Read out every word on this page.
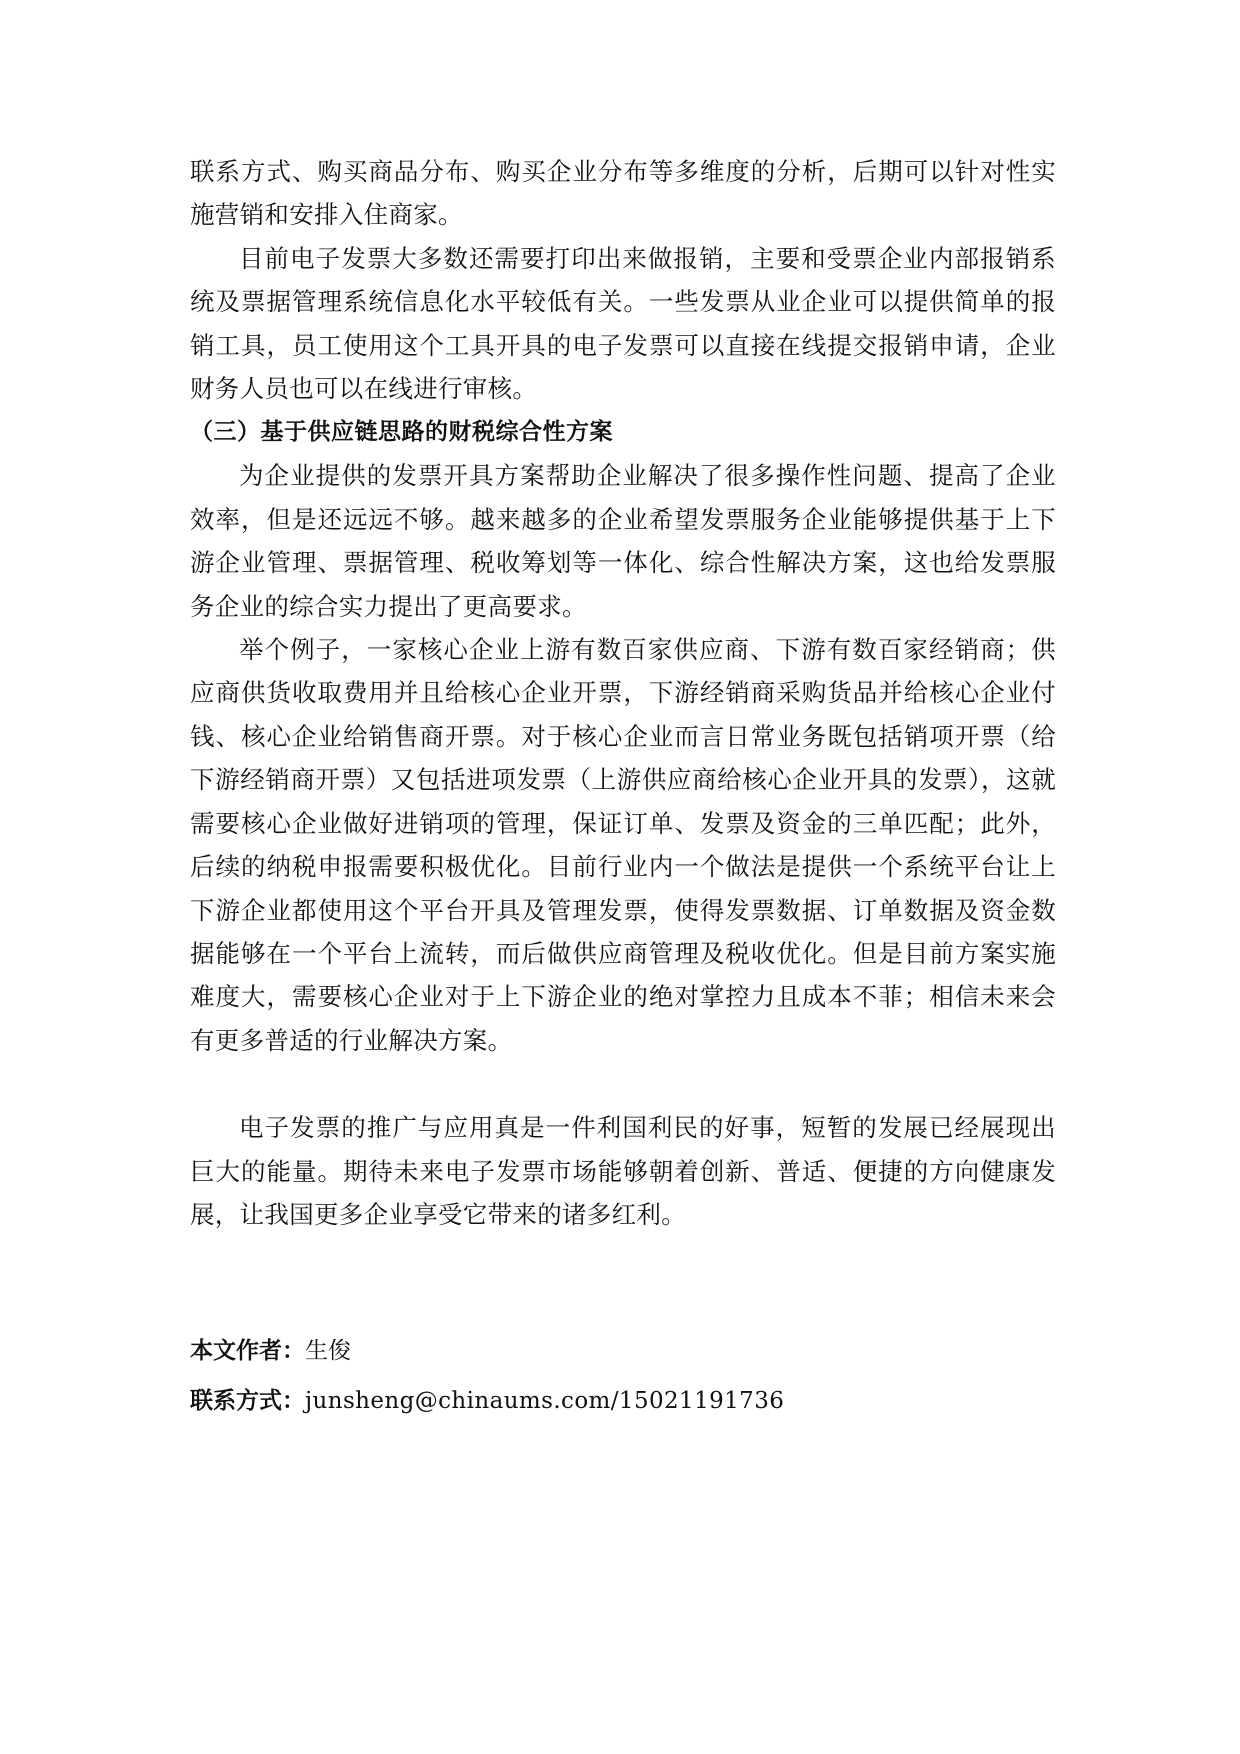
联系方式、购买商品分布、购买企业分布等多维度的分析，后期可以针对性实施营销和安排入住商家。

目前电子发票大多数还需要打印出来做报销，主要和受票企业内部报销系统及票据管理系统信息化水平较低有关。一些发票从业企业可以提供简单的报销工具，员工使用这个工具开具的电子发票可以直接在线提交报销申请，企业财务人员也可以在线进行审核。

（三）基于供应链思路的财税综合性方案

为企业提供的发票开具方案帮助企业解决了很多操作性问题、提高了企业效率，但是还远远不够。越来越多的企业希望发票服务企业能够提供基于上下游企业管理、票据管理、税收筹划等一体化、综合性解决方案，这也给发票服务企业的综合实力提出了更高要求。

举个例子，一家核心企业上游有数百家供应商、下游有数百家经销商；供应商供货收取费用并且给核心企业开票，下游经销商采购货品并给核心企业付钱、核心企业给销售商开票。对于核心企业而言日常业务既包括销项开票（给下游经销商开票）又包括进项发票（上游供应商给核心企业开具的发票），这就需要核心企业做好进销项的管理，保证订单、发票及资金的三单匹配；此外，后续的纳税申报需要积极优化。目前行业内一个做法是提供一个系统平台让上下游企业都使用这个平台开具及管理发票，使得发票数据、订单数据及资金数据能够在一个平台上流转，而后做供应商管理及税收优化。但是目前方案实施难度大，需要核心企业对于上下游企业的绝对掌控力且成本不菲；相信未来会有更多普适的行业解决方案。

电子发票的推广与应用真是一件利国利民的好事，短暂的发展已经展现出巨大的能量。期待未来电子发票市场能够朝着创新、普适、便捷的方向健康发展，让我国更多企业享受它带来的诸多红利。

本文作者：生俊

联系方式：junsheng@chinaums.com/15021191736
